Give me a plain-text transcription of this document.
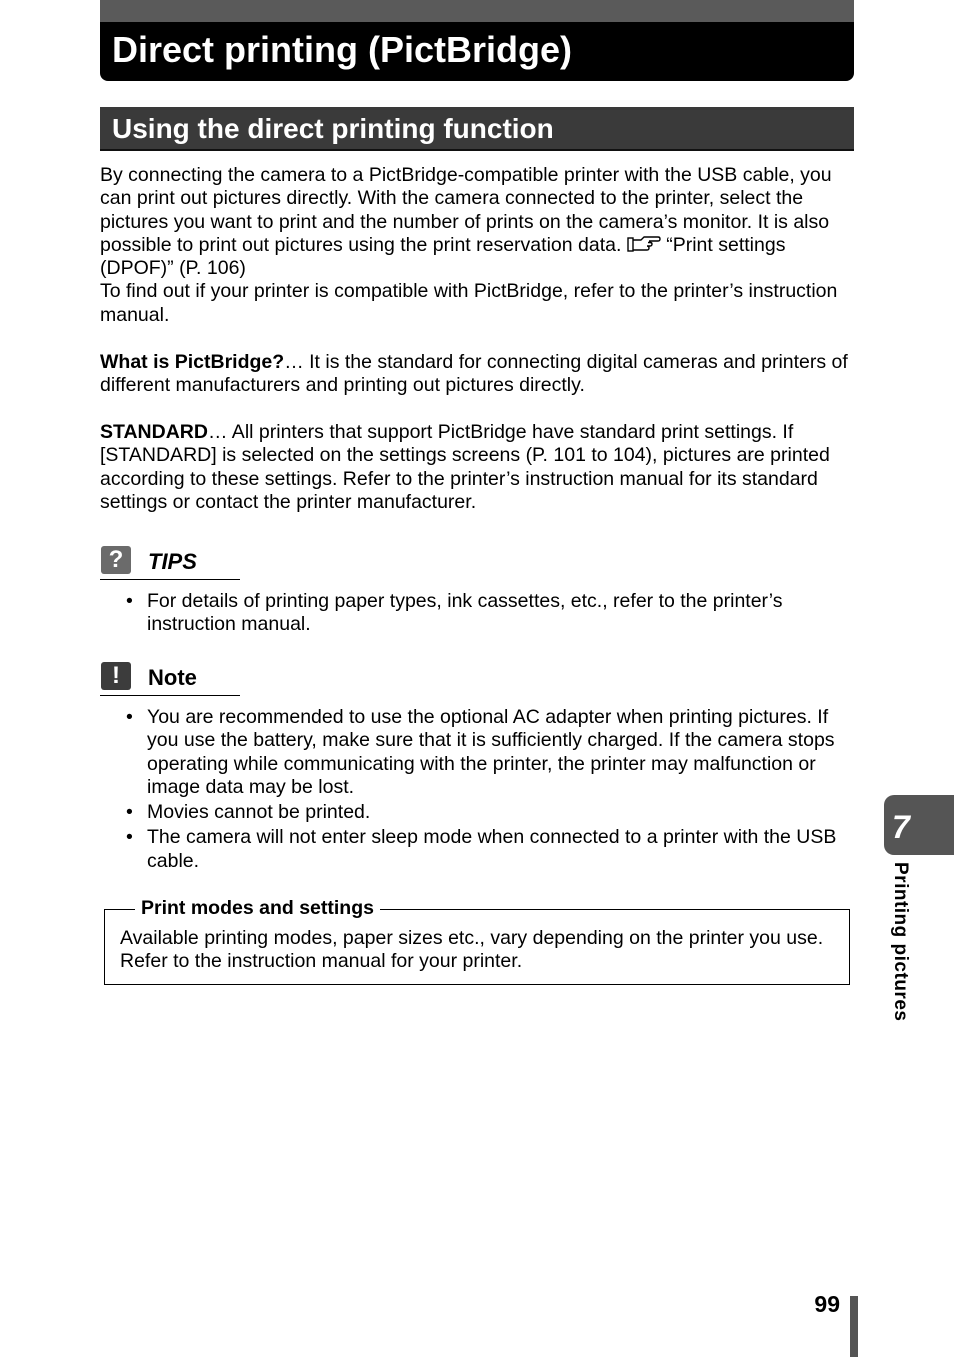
Direct printing (PictBridge)
Using the direct printing function

By connecting the camera to a PictBridge-compatible printer with the USB cable, you can print out pictures directly. With the camera connected to the printer, select the pictures you want to print and the number of prints on the camera’s monitor. It is also possible to print out pictures using the print reservation data. “Print settings (DPOF)” (P. 106)

To find out if your printer is compatible with PictBridge, refer to the printer’s instruction manual.

What is PictBridge?… It is the standard for connecting digital cameras and printers of different manufacturers and printing out pictures directly.

STANDARD… All printers that support PictBridge have standard print settings. If [STANDARD] is selected on the settings screens (P. 101 to 104), pictures are printed according to these settings. Refer to the printer’s instruction manual for its standard settings or contact the printer manufacturer.

?	TIPS
• For details of printing paper types, ink cassettes, etc., refer to the printer’s instruction manual.
!	Note
• You are recommended to use the optional AC adapter when printing pictures. If you use the battery, make sure that it is sufficiently charged. If the camera stops operating while communicating with the printer, the printer may malfunction or image data may be lost.
• Movies cannot be printed.
• The camera will not enter sleep mode when connected to a printer with the USB cable.
Print modes and settings
Available printing modes, paper sizes etc., vary depending on the printer you use. Refer to the instruction manual for your printer.
7
Printing pictures
99
